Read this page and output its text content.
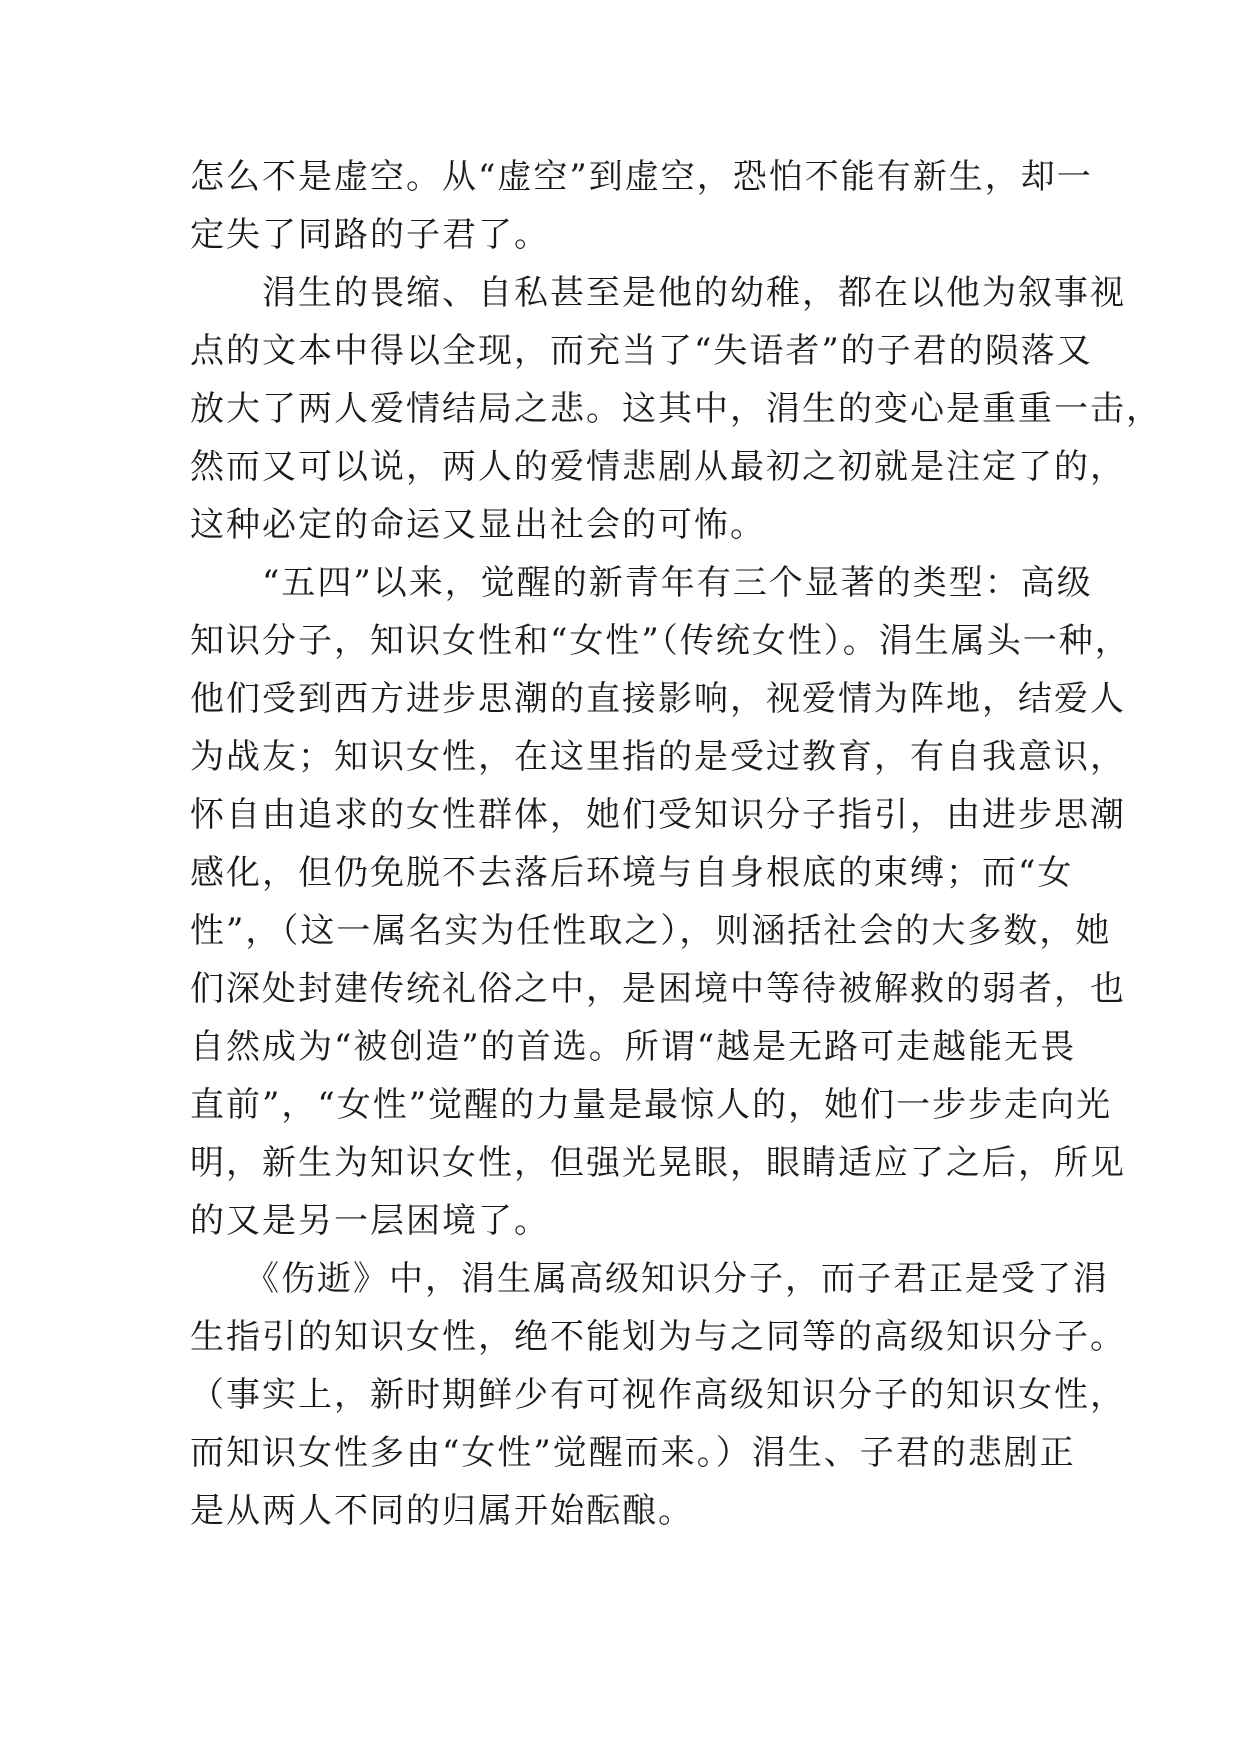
怎么不是虚空。从“虚空”到虚空，恐怕不能有新生，却一
定失了同路的子君了。
　　涓生的畏缩、自私甚至是他的幼稚，都在以他为叙事视
点的文本中得以全现，而充当了“失语者”的子君的陨落又
放大了两人爱情结局之悲。这其中，涓生的变心是重重一击，
然而又可以说，两人的爱情悲剧从最初之初就是注定了的，
这种必定的命运又显出社会的可怖。
　　“五四”以来，觉醒的新青年有三个显著的类型：高级
知识分子，知识女性和“女性”（传统女性）。涓生属头一种，
他们受到西方进步思潮的直接影响，视爱情为阵地，结爱人
为战友；知识女性，在这里指的是受过教育，有自我意识，
怀自由追求的女性群体，她们受知识分子指引，由进步思潮
感化，但仍免脱不去落后环境与自身根底的束缚；而“女
性”，（这一属名实为任性取之），则涵括社会的大多数，她
们深处封建传统礼俗之中，是困境中等待被解救的弱者，也
自然成为“被创造”的首选。所谓“越是无路可走越能无畏
直前”，“女性”觉醒的力量是最惊人的，她们一步步走向光
明，新生为知识女性，但强光晃眼，眼睛适应了之后，所见
的又是另一层困境了。
　　《伤逝》中，涓生属高级知识分子，而子君正是受了涓
生指引的知识女性，绝不能划为与之同等的高级知识分子。
（事实上，新时期鲜少有可视作高级知识分子的知识女性，
而知识女性多由“女性”觉醒而来。）涓生、子君的悲剧正
是从两人不同的归属开始酝酿。
